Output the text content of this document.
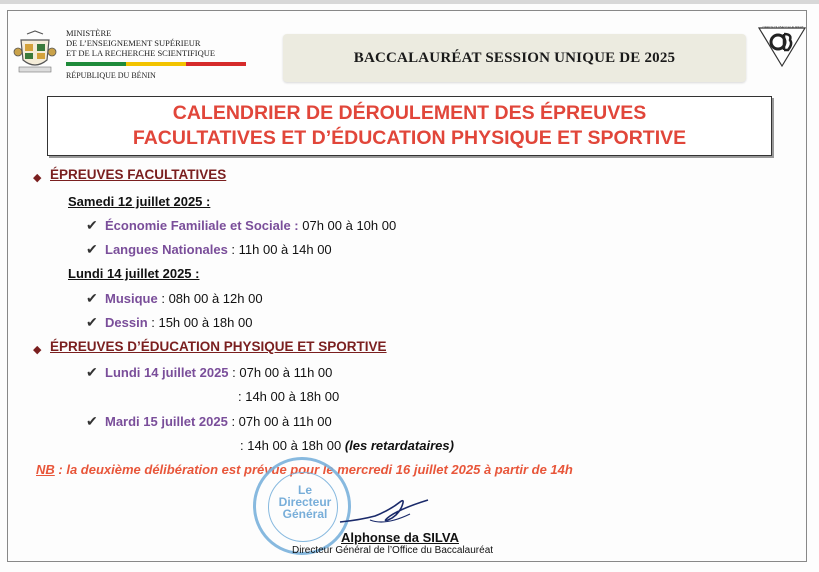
MINISTÈRE
DE L’ENSEIGNEMENT SUPÉRIEUR
ET DE LA RECHERCHE SCIENTIFIQUE
RÉPUBLIQUE DU BÉNIN
BACCALAURÉAT SESSION UNIQUE DE 2025
OFFICE DU BACCALAURÉAT
CALENDRIER DE DÉROULEMENT DES ÉPREUVES
FACULTATIVES ET D’ÉDUCATION PHYSIQUE ET SPORTIVE
◆ ÉPREUVES FACULTATIVES
Samedi 12 juillet 2025 :
✔ Économie Familiale et Sociale : 07h 00 à 10h 00
✔ Langues Nationales : 11h 00 à 14h 00
Lundi 14 juillet 2025 :
✔ Musique : 08h 00 à 12h 00
✔ Dessin : 15h 00 à 18h 00
◆ ÉPREUVES D’ÉDUCATION PHYSIQUE ET SPORTIVE
✔ Lundi 14 juillet 2025 : 07h 00 à 11h 00
: 14h 00 à 18h 00
✔ Mardi 15 juillet 2025 : 07h 00 à 11h 00
: 14h 00 à 18h 00 (les retardataires)
NB : la deuxième délibération est prévue pour le mercredi 16 juillet 2025 à partir de 14h
Le
Directeur
Général
Alphonse da SILVA
Directeur Général de l’Office du Baccalauréat
